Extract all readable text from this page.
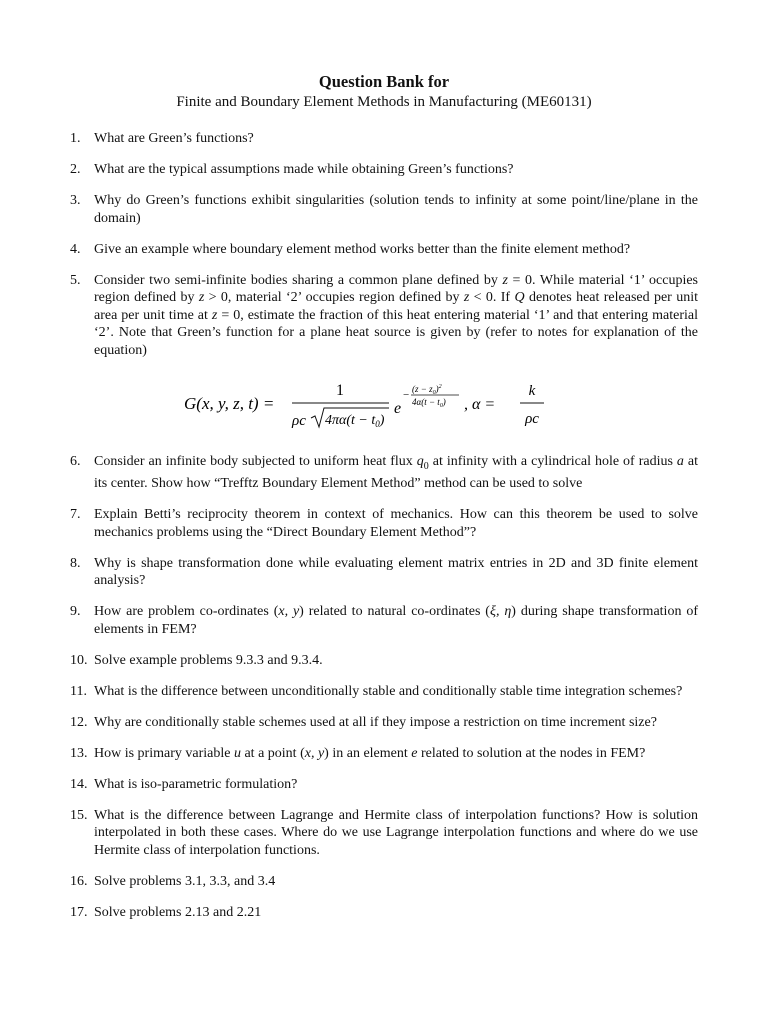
Question Bank for
Finite and Boundary Element Methods in Manufacturing (ME60131)
1. What are Green’s functions?
2. What are the typical assumptions made while obtaining Green’s functions?
3. Why do Green’s functions exhibit singularities (solution tends to infinity at some point/line/plane in the domain)
4. Give an example where boundary element method works better than the finite element method?
5. Consider two semi-infinite bodies sharing a common plane defined by z = 0. While material ‘1’ occupies region defined by z > 0, material ‘2’ occupies region defined by z < 0. If Q denotes heat released per unit area per unit time at z = 0, estimate the fraction of this heat entering material ‘1’ and that entering material ‘2’. Note that Green’s function for a plane heat source is given by (refer to notes for explanation of the equation)
G(x, y, z, t) =
1
ρc $4\pi\alpha(t - t_0)$
e
− $(z - z_0)^2$
$4\alpha(t - t_0)$ , α =
k
ρc
6. Consider an infinite body subjected to uniform heat flux $q_0$ at infinity with a cylindrical hole of radius a at its center. Show how “Trefftz Boundary Element Method” method can be used to solve
7. Explain Betti’s reciprocity theorem in context of mechanics. How can this theorem be used to solve mechanics problems using the “Direct Boundary Element Method”?
8. Why is shape transformation done while evaluating element matrix entries in 2D and 3D finite element analysis?
9. How are problem co-ordinates (x, y) related to natural co-ordinates (ξ, η) during shape transformation of elements in FEM?
10. Solve example problems 9.3.3 and 9.3.4.
11. What is the difference between unconditionally stable and conditionally stable time integration schemes?
12. Why are conditionally stable schemes used at all if they impose a restriction on time increment size?
13. How is primary variable u at a point (x, y) in an element e related to solution at the nodes in FEM?
14. What is iso-parametric formulation?
15. What is the difference between Lagrange and Hermite class of interpolation functions? How is solution interpolated in both these cases. Where do we use Lagrange interpolation functions and where do we use Hermite class of interpolation functions.
16. Solve problems 3.1, 3.3, and 3.4
17. Solve problems 2.13 and 2.21
